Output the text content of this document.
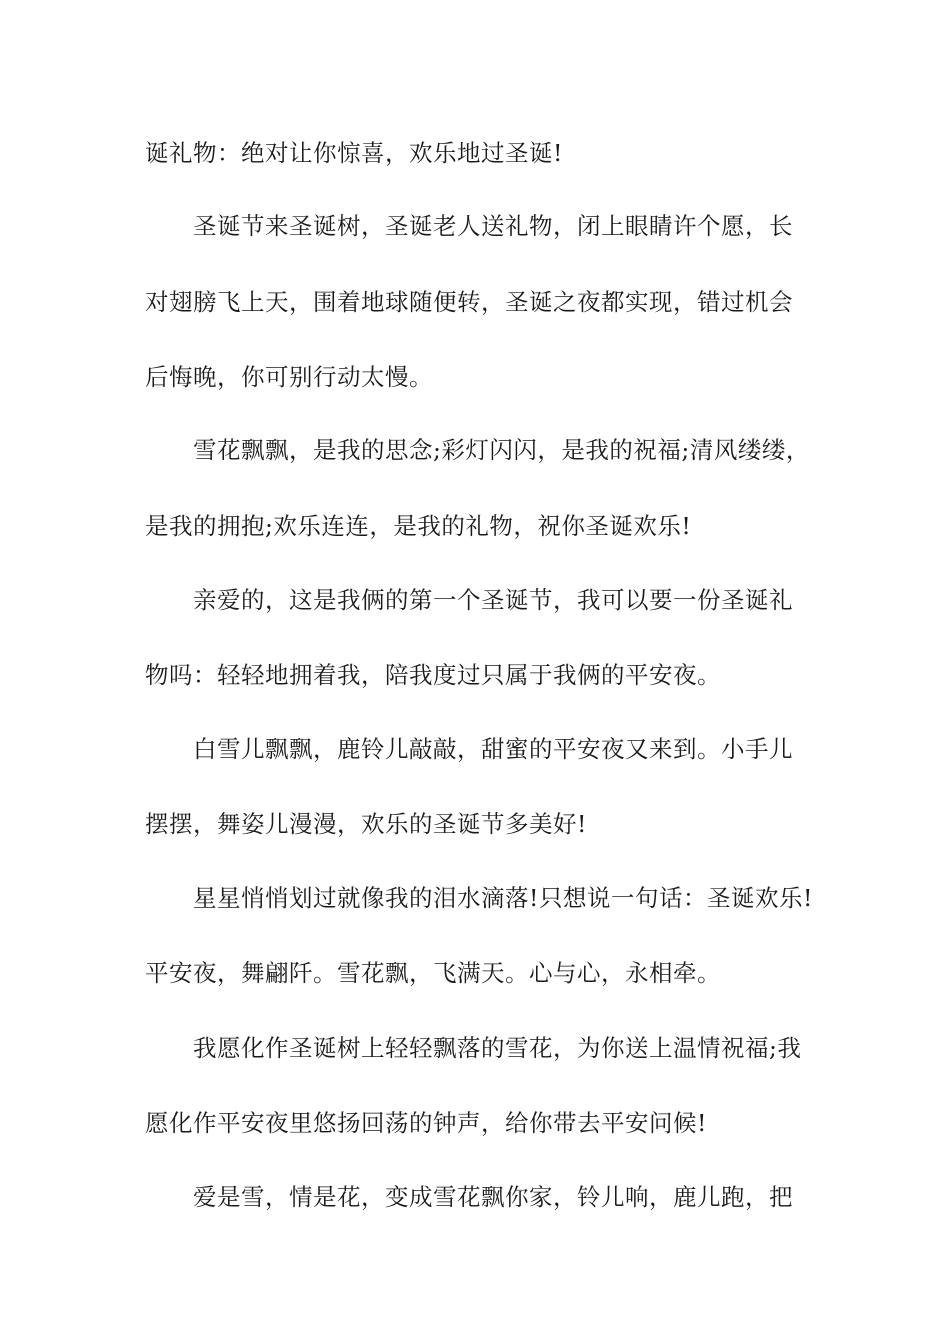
诞礼物：绝对让你惊喜，欢乐地过圣诞!
圣诞节来圣诞树，圣诞老人送礼物，闭上眼睛许个愿，长
对翅膀飞上天，围着地球随便转，圣诞之夜都实现，错过机会
后悔晚，你可别行动太慢。
雪花飘飘，是我的思念;彩灯闪闪，是我的祝福;清风缕缕，
是我的拥抱;欢乐连连，是我的礼物，祝你圣诞欢乐!
亲爱的，这是我俩的第一个圣诞节，我可以要一份圣诞礼
物吗：轻轻地拥着我，陪我度过只属于我俩的平安夜。
白雪儿飘飘，鹿铃儿敲敲，甜蜜的平安夜又来到。小手儿
摆摆，舞姿儿漫漫，欢乐的圣诞节多美好!
星星悄悄划过就像我的泪水滴落!只想说一句话：圣诞欢乐!
平安夜，舞翩阡。雪花飘，飞满天。心与心，永相牵。
我愿化作圣诞树上轻轻飘落的雪花，为你送上温情祝福;我
愿化作平安夜里悠扬回荡的钟声，给你带去平安问候!
爱是雪，情是花，变成雪花飘你家，铃儿响，鹿儿跑，把
